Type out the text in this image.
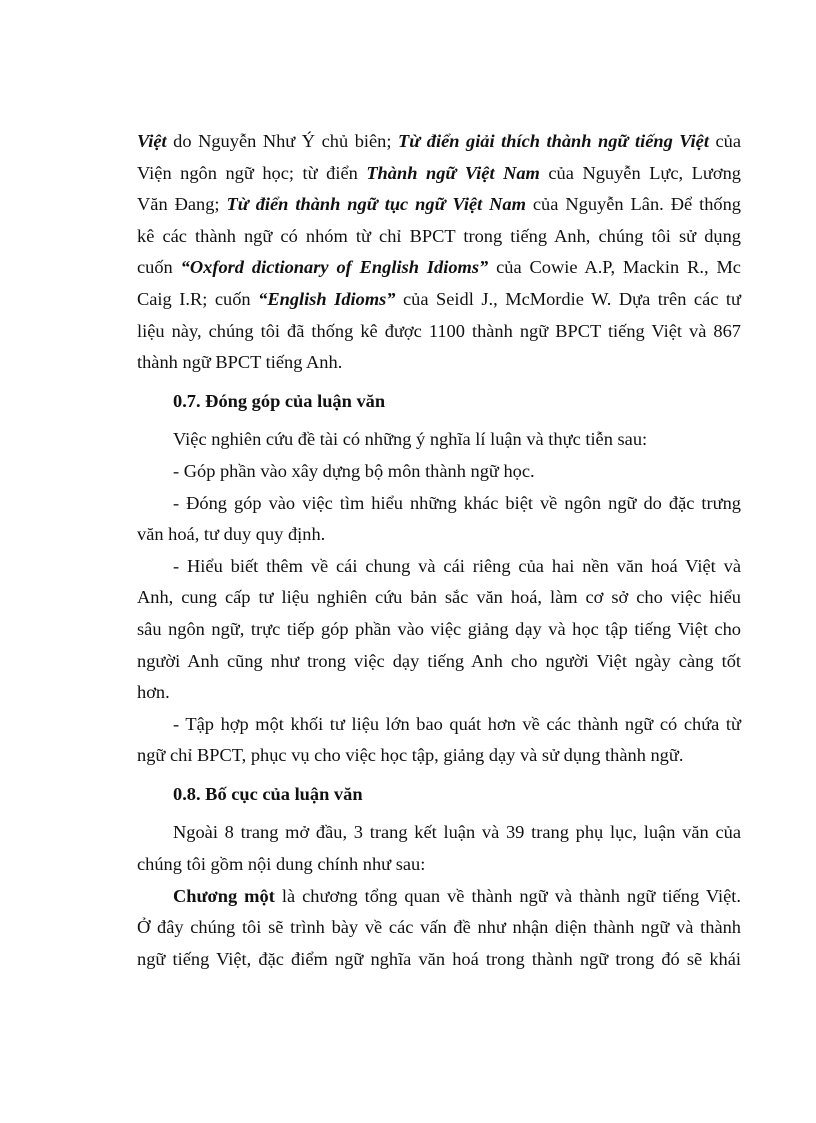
Việt do Nguyễn Như Ý chủ biên; Từ điển giải thích thành ngữ tiếng Việt của
Viện ngôn ngữ học; từ điển Thành ngữ Việt Nam của Nguyễn Lực, Lương
Văn Đang; Từ điển thành ngữ tục ngữ Việt Nam của Nguyễn Lân. Để thống
kê các thành ngữ có nhóm từ chỉ BPCT trong tiếng Anh, chúng tôi sử dụng
cuốn “Oxford dictionary of English Idioms” của Cowie A.P, Mackin R., Mc
Caig I.R; cuốn “English Idioms” của Seidl J., McMordie W. Dựa trên các tư
liệu này, chúng tôi đã thống kê được 1100 thành ngữ BPCT tiếng Việt và 867
thành ngữ BPCT tiếng Anh.
0.7. Đóng góp của luận văn
Việc nghiên cứu đề tài có những ý nghĩa lí luận và thực tiễn sau:
- Góp phần vào xây dựng bộ môn thành ngữ học.
- Đóng góp vào việc tìm hiểu những khác biệt về ngôn ngữ do đặc trưng
văn hoá, tư duy quy định.
- Hiểu biết thêm về cái chung và cái riêng của hai nền văn hoá Việt và
Anh, cung cấp tư liệu nghiên cứu bản sắc văn hoá, làm cơ sở cho việc hiểu
sâu ngôn ngữ, trực tiếp góp phần vào việc giảng dạy và học tập tiếng Việt cho
người Anh cũng như trong việc dạy tiếng Anh cho người Việt ngày càng tốt
hơn.
- Tập hợp một khối tư liệu lớn bao quát hơn về các thành ngữ có chứa từ
ngữ chỉ BPCT, phục vụ cho việc học tập, giảng dạy và sử dụng thành ngữ.
0.8. Bố cục của luận văn
Ngoài 8 trang mở đầu, 3 trang kết luận và 39 trang phụ lục, luận văn của
chúng tôi gồm nội dung chính như sau:
Chương một là chương tổng quan về thành ngữ và thành ngữ tiếng Việt.
Ở đây chúng tôi sẽ trình bày về các vấn đề như nhận diện thành ngữ và thành
ngữ tiếng Việt, đặc điểm ngữ nghĩa văn hoá trong thành ngữ trong đó sẽ khái
